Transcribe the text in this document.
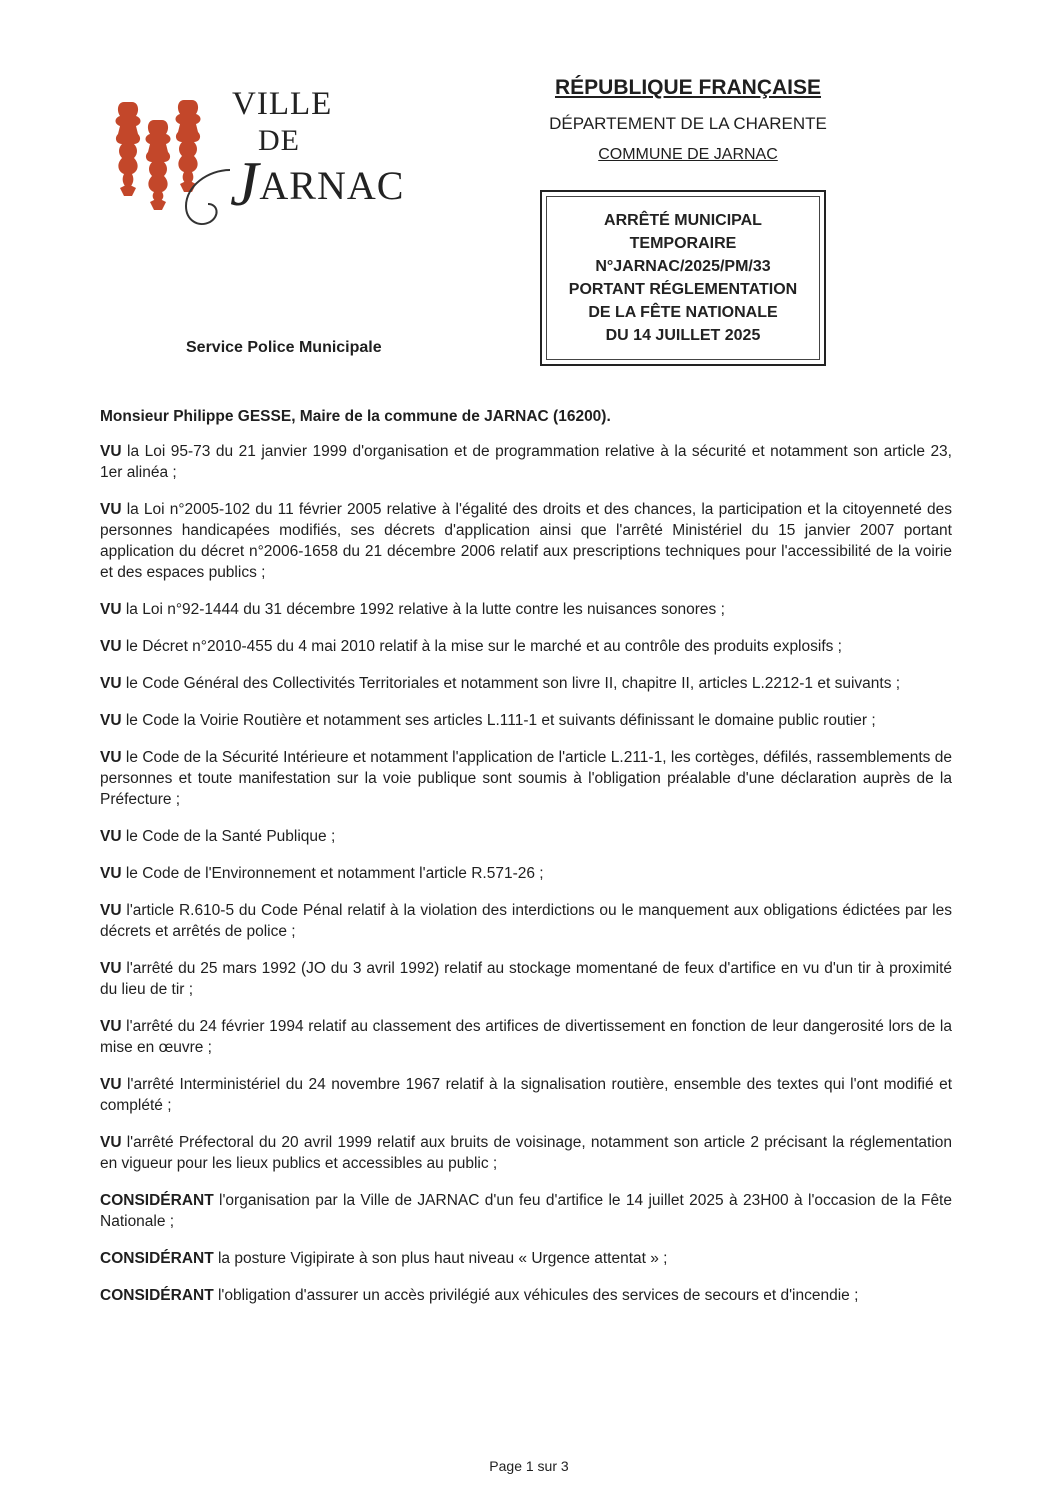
VILLE
DE
JARNAC
RÉPUBLIQUE FRANÇAISE
DÉPARTEMENT DE LA CHARENTE
COMMUNE DE JARNAC
ARRÊTÉ MUNICIPAL
TEMPORAIRE
N°JARNAC/2025/PM/33
PORTANT RÉGLEMENTATION
DE LA FÊTE NATIONALE
DU 14 JUILLET 2025
Service Police Municipale

Monsieur Philippe GESSE, Maire de la commune de JARNAC (16200).

VU la Loi 95-73 du 21 janvier 1999 d'organisation et de programmation relative à la sécurité et notamment son article 23, 1er alinéa ;

VU la Loi n°2005-102 du 11 février 2005 relative à l'égalité des droits et des chances, la participation et la citoyenneté des personnes handicapées modifiés, ses décrets d'application ainsi que l'arrêté Ministériel du 15 janvier 2007 portant application du décret n°2006-1658 du 21 décembre 2006 relatif aux prescriptions techniques pour l'accessibilité de la voirie et des espaces publics ;

VU la Loi n°92-1444 du 31 décembre 1992 relative à la lutte contre les nuisances sonores ;

VU le Décret n°2010-455 du 4 mai 2010 relatif à la mise sur le marché et au contrôle des produits explosifs ;

VU le Code Général des Collectivités Territoriales et notamment son livre II, chapitre II, articles L.2212-1 et suivants ;

VU le Code la Voirie Routière et notamment ses articles L.111-1 et suivants définissant le domaine public routier ;

VU le Code de la Sécurité Intérieure et notamment l'application de l'article L.211-1, les cortèges, défilés, rassemblements de personnes et toute manifestation sur la voie publique sont soumis à l'obligation préalable d'une déclaration auprès de la Préfecture ;

VU le Code de la Santé Publique ;

VU le Code de l'Environnement et notamment l'article R.571-26 ;

VU l'article R.610-5 du Code Pénal relatif à la violation des interdictions ou le manquement aux obligations édictées par les décrets et arrêtés de police ;

VU l'arrêté du 25 mars 1992 (JO du 3 avril 1992) relatif au stockage momentané de feux d'artifice en vu d'un tir à proximité du lieu de tir ;

VU l'arrêté du 24 février 1994 relatif au classement des artifices de divertissement en fonction de leur dangerosité lors de la mise en œuvre ;

VU l'arrêté Interministériel du 24 novembre 1967 relatif à la signalisation routière, ensemble des textes qui l'ont modifié et complété ;

VU l'arrêté Préfectoral du 20 avril 1999 relatif aux bruits de voisinage, notamment son article 2 précisant la réglementation en vigueur pour les lieux publics et accessibles au public ;

CONSIDÉRANT l'organisation par la Ville de JARNAC d'un feu d'artifice le 14 juillet 2025 à 23H00 à l'occasion de la Fête Nationale ;

CONSIDÉRANT la posture Vigipirate à son plus haut niveau « Urgence attentat » ;

CONSIDÉRANT l'obligation d'assurer un accès privilégié aux véhicules des services de secours et d'incendie ;

Page 1 sur 3
